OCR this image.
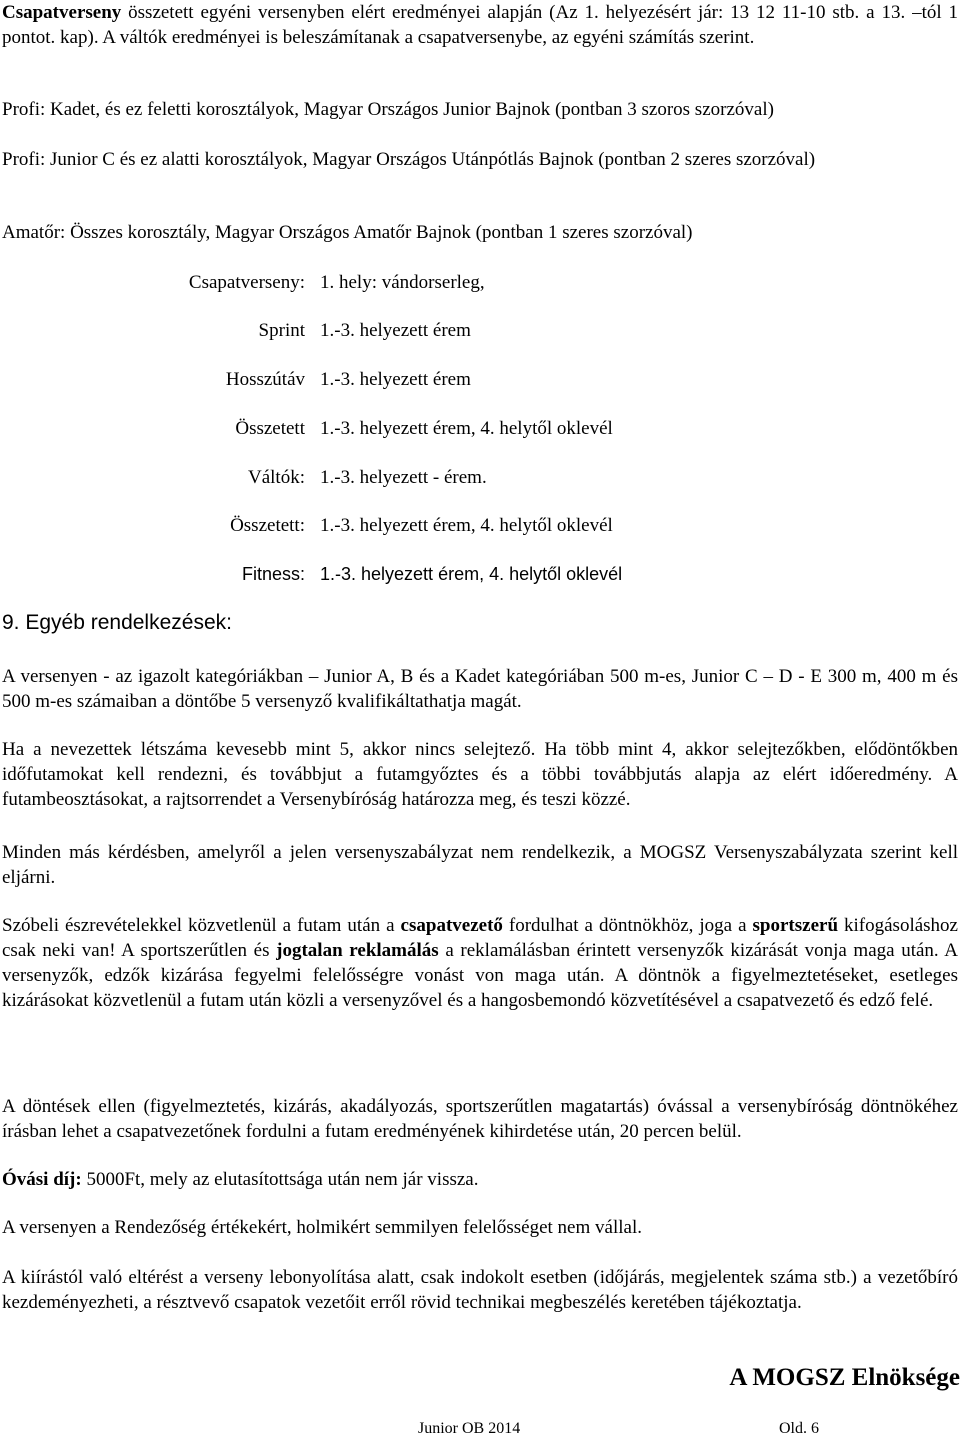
Csapatverseny összetett egyéni versenyben elért eredményei alapján (Az 1. helyezésért jár: 13 12 11-10 stb. a 13. –tól 1 pontot. kap). A váltók eredményei is beleszámítanak a csapatversenybe, az egyéni számítás szerint.

Profi: Kadet, és ez feletti korosztályok, Magyar Országos Junior Bajnok (pontban 3 szoros szorzóval)

Profi: Junior C és ez alatti korosztályok, Magyar Országos Utánpótlás Bajnok (pontban 2 szeres szorzóval)

Amatőr: Összes korosztály, Magyar Országos Amatőr Bajnok (pontban 1 szeres szorzóval)

Csapatverseny: 1. hely: vándorserleg,
Sprint 1.-3. helyezett érem
Hosszútáv 1.-3. helyezett érem
Összetett 1.-3. helyezett érem, 4. helytől oklevél
Váltók: 1.-3. helyezett - érem.
Összetett: 1.-3. helyezett érem, 4. helytől oklevél
Fitness: 1.-3. helyezett érem, 4. helytől oklevél
9. Egyéb rendelkezések:

A versenyen - az igazolt kategóriákban – Junior A, B és a Kadet kategóriában 500 m-es, Junior C – D - E 300 m, 400 m és 500 m-es számaiban a döntőbe 5 versenyző kvalifikáltathatja magát.

Ha a nevezettek létszáma kevesebb mint 5, akkor nincs selejtező. Ha több mint 4, akkor selejtezőkben, elődöntőkben időfutamokat kell rendezni, és továbbjut a futamgyőztes és a többi továbbjutás alapja az elért időeredmény. A futambeosztásokat, a rajtsorrendet a Versenybíróság határozza meg, és teszi közzé.

Minden más kérdésben, amelyről a jelen versenyszabályzat nem rendelkezik, a MOGSZ Versenyszabályzata szerint kell eljárni.

Szóbeli észrevételekkel közvetlenül a futam után a csapatvezető fordulhat a döntnökhöz, joga a sportszerű kifogásoláshoz csak neki van! A sportszerűtlen és jogtalan reklamálás a reklamálásban érintett versenyzők kizárását vonja maga után. A versenyzők, edzők kizárása fegyelmi felelősségre vonást von maga után. A döntnök a figyelmeztetéseket, esetleges kizárásokat közvetlenül a futam után közli a versenyzővel és a hangosbemondó közvetítésével a csapatvezető és edző felé.

A döntések ellen (figyelmeztetés, kizárás, akadályozás, sportszerűtlen magatartás) óvással a versenybíróság döntnökéhez írásban lehet a csapatvezetőnek fordulni a futam eredményének kihirdetése után, 20 percen belül.

Óvási díj: 5000Ft, mely az elutasítottsága után nem jár vissza.

A versenyen a Rendezőség értékekért, holmikért semmilyen felelősséget nem vállal.

A kiírástól való eltérést a verseny lebonyolítása alatt, csak indokolt esetben (időjárás, megjelentek száma stb.) a vezetőbíró kezdeményezheti, a résztvevő csapatok vezetőit erről rövid technikai megbeszélés keretében tájékoztatja.

A MOGSZ Elnöksége
Junior OB 2014	Old. 6
